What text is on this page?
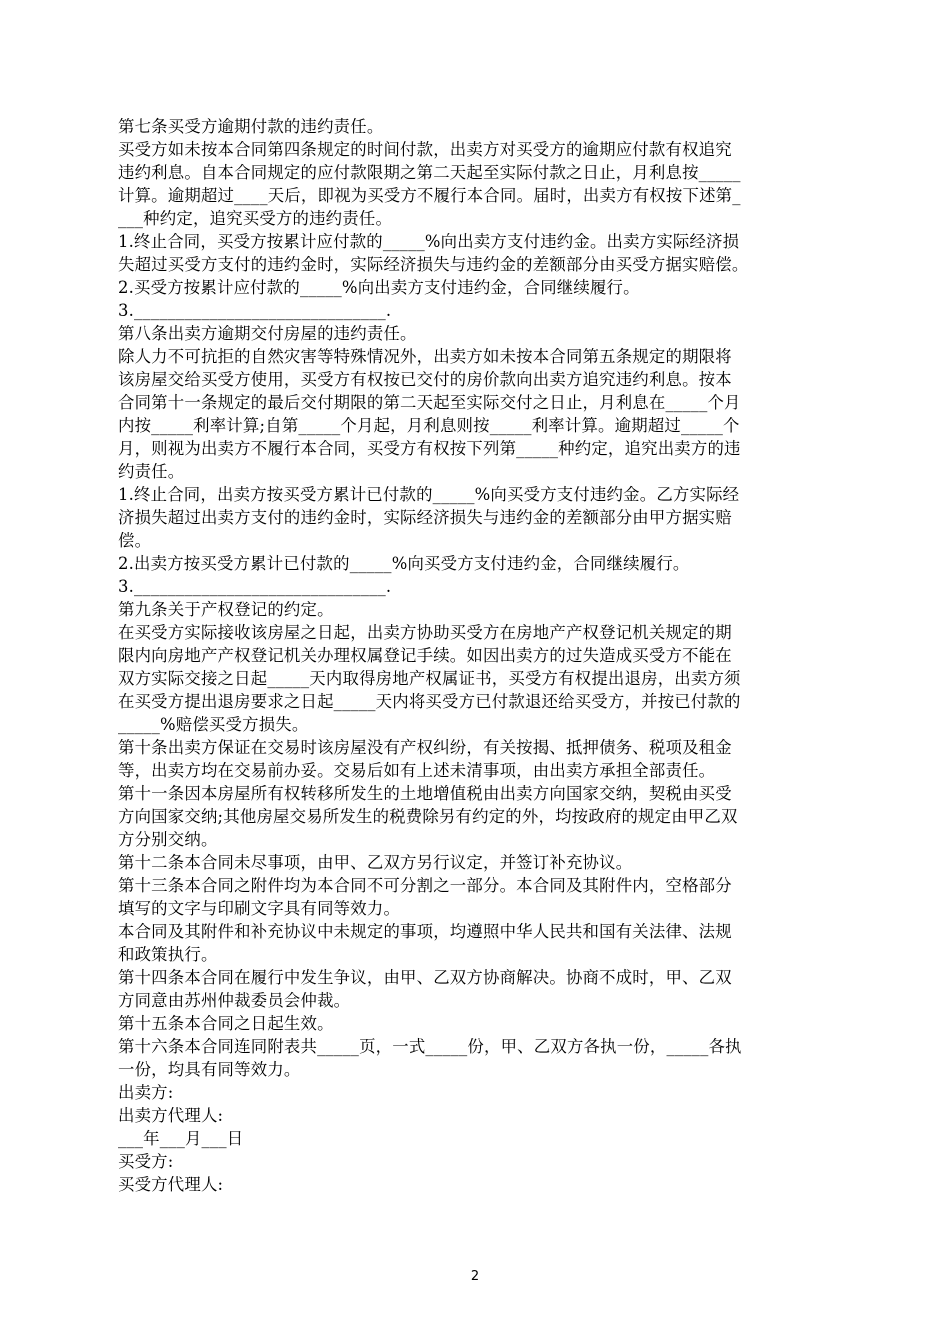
第七条买受方逾期付款的违约责任。
买受方如未按本合同第四条规定的时间付款，出卖方对买受方的逾期应付款有权追究
违约利息。自本合同规定的应付款限期之第二天起至实际付款之日止，月利息按_____
计算。逾期超过____天后，即视为买受方不履行本合同。届时，出卖方有权按下述第_
___种约定，追究买受方的违约责任。
1.终止合同，买受方按累计应付款的_____%向出卖方支付违约金。出卖方实际经济损
失超过买受方支付的违约金时，实际经济损失与违约金的差额部分由买受方据实赔偿。
2.买受方按累计应付款的_____%向出卖方支付违约金，合同继续履行。
3.______________________________.
第八条出卖方逾期交付房屋的违约责任。
除人力不可抗拒的自然灾害等特殊情况外，出卖方如未按本合同第五条规定的期限将
该房屋交给买受方使用，买受方有权按已交付的房价款向出卖方追究违约利息。按本
合同第十一条规定的最后交付期限的第二天起至实际交付之日止，月利息在_____个月
内按_____利率计算;自第_____个月起，月利息则按_____利率计算。逾期超过_____个
月，则视为出卖方不履行本合同，买受方有权按下列第_____种约定，追究出卖方的违
约责任。
1.终止合同，出卖方按买受方累计已付款的_____%向买受方支付违约金。乙方实际经
济损失超过出卖方支付的违约金时，实际经济损失与违约金的差额部分由甲方据实赔
偿。
2.出卖方按买受方累计已付款的_____%向买受方支付违约金，合同继续履行。
3.______________________________.
第九条关于产权登记的约定。
在买受方实际接收该房屋之日起，出卖方协助买受方在房地产产权登记机关规定的期
限内向房地产产权登记机关办理权属登记手续。如因出卖方的过失造成买受方不能在
双方实际交接之日起_____天内取得房地产权属证书，买受方有权提出退房，出卖方须
在买受方提出退房要求之日起_____天内将买受方已付款退还给买受方，并按已付款的
_____%赔偿买受方损失。
第十条出卖方保证在交易时该房屋没有产权纠纷，有关按揭、抵押债务、税项及租金
等，出卖方均在交易前办妥。交易后如有上述未清事项，由出卖方承担全部责任。
第十一条因本房屋所有权转移所发生的土地增值税由出卖方向国家交纳，契税由买受
方向国家交纳;其他房屋交易所发生的税费除另有约定的外，均按政府的规定由甲乙双
方分别交纳。
第十二条本合同未尽事项，由甲、乙双方另行议定，并签订补充协议。
第十三条本合同之附件均为本合同不可分割之一部分。本合同及其附件内，空格部分
填写的文字与印刷文字具有同等效力。
本合同及其附件和补充协议中未规定的事项，均遵照中华人民共和国有关法律、法规
和政策执行。
第十四条本合同在履行中发生争议，由甲、乙双方协商解决。协商不成时，甲、乙双
方同意由苏州仲裁委员会仲裁。
第十五条本合同之日起生效。
第十六条本合同连同附表共_____页，一式_____份，甲、乙双方各执一份，_____各执
一份，均具有同等效力。
出卖方:
出卖方代理人:
___年___月___日
买受方:
买受方代理人:
2
